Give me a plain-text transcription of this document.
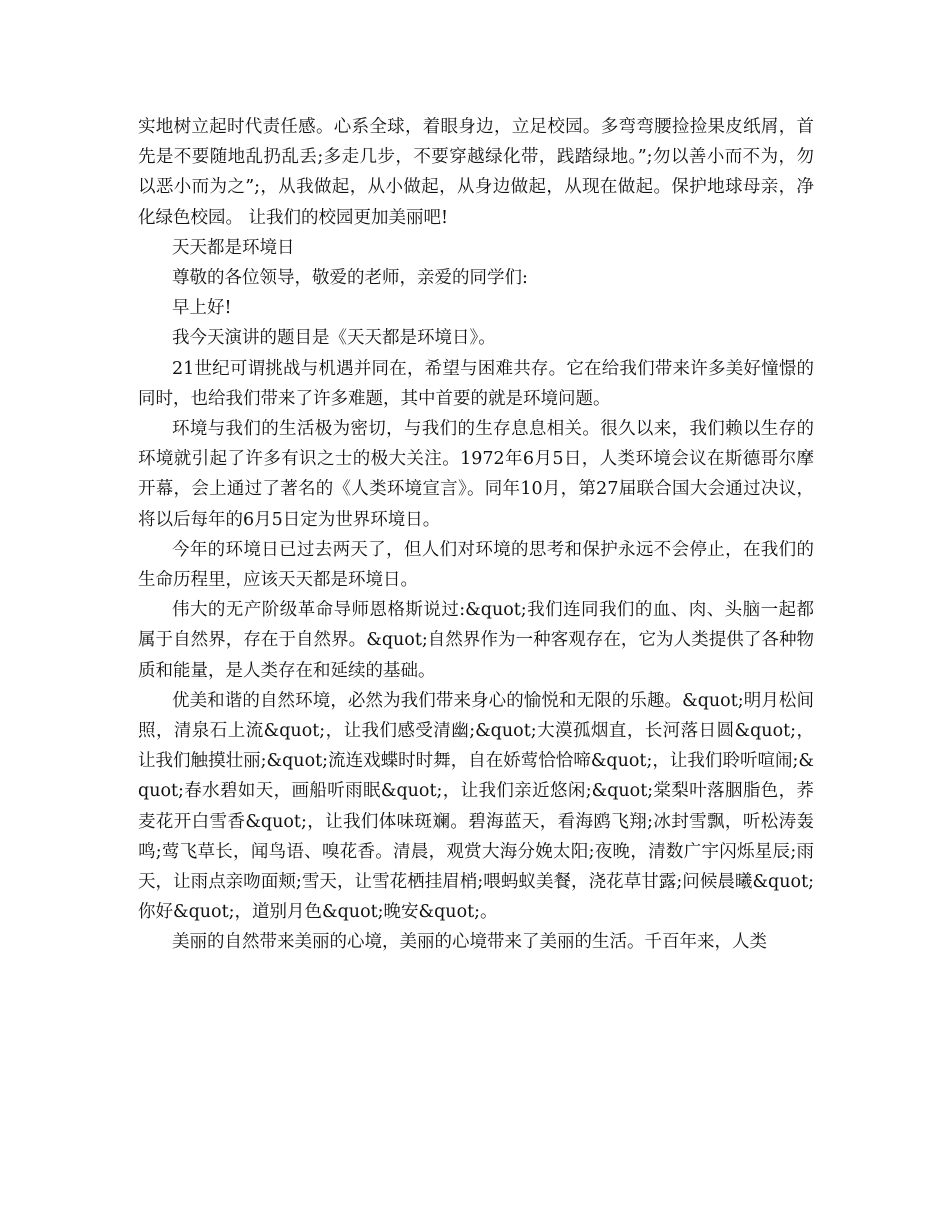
实地树立起时代责任感。心系全球，着眼身边，立足校园。多弯弯腰捡捡果皮纸屑，首先是不要随地乱扔乱丢;多走几步，不要穿越绿化带，践踏绿地。”;勿以善小而不为，勿以恶小而为之”;，从我做起，从小做起，从身边做起，从现在做起。保护地球母亲，净化绿色校园。 让我们的校园更加美丽吧!

天天都是环境日

尊敬的各位领导，敬爱的老师，亲爱的同学们:

早上好!

我今天演讲的题目是《天天都是环境日》。

21世纪可谓挑战与机遇并同在，希望与困难共存。它在给我们带来许多美好憧憬的同时，也给我们带来了许多难题，其中首要的就是环境问题。

环境与我们的生活极为密切，与我们的生存息息相关。很久以来，我们赖以生存的环境就引起了许多有识之士的极大关注。1972年6月5日，人类环境会议在斯德哥尔摩开幕，会上通过了著名的《人类环境宣言》。同年10月，第27届联合国大会通过决议，将以后每年的6月5日定为世界环境日。

今年的环境日已过去两天了，但人们对环境的思考和保护永远不会停止，在我们的生命历程里，应该天天都是环境日。

伟大的无产阶级革命导师恩格斯说过:&quot;我们连同我们的血、肉、头脑一起都属于自然界，存在于自然界。&quot;自然界作为一种客观存在，它为人类提供了各种物质和能量，是人类存在和延续的基础。

优美和谐的自然环境，必然为我们带来身心的愉悦和无限的乐趣。&quot;明月松间照，清泉石上流&quot;，让我们感受清幽;&quot;大漠孤烟直，长河落日圆&quot;，让我们触摸壮丽;&quot;流连戏蝶时时舞，自在娇莺恰恰啼&quot;，让我们聆听喧闹;&quot;春水碧如天，画船听雨眠&quot;，让我们亲近悠闲;&quot;棠梨叶落胭脂色，荞麦花开白雪香&quot;，让我们体味斑斓。碧海蓝天，看海鸥飞翔;冰封雪飘，听松涛轰鸣;莺飞草长，闻鸟语、嗅花香。清晨，观赏大海分娩太阳;夜晚，清数广宇闪烁星辰;雨天，让雨点亲吻面颊;雪天，让雪花栖挂眉梢;喂蚂蚁美餐，浇花草甘露;问候晨曦&quot;你好&quot;，道别月色&quot;晚安&quot;。

美丽的自然带来美丽的心境，美丽的心境带来了美丽的生活。千百年来，人类
